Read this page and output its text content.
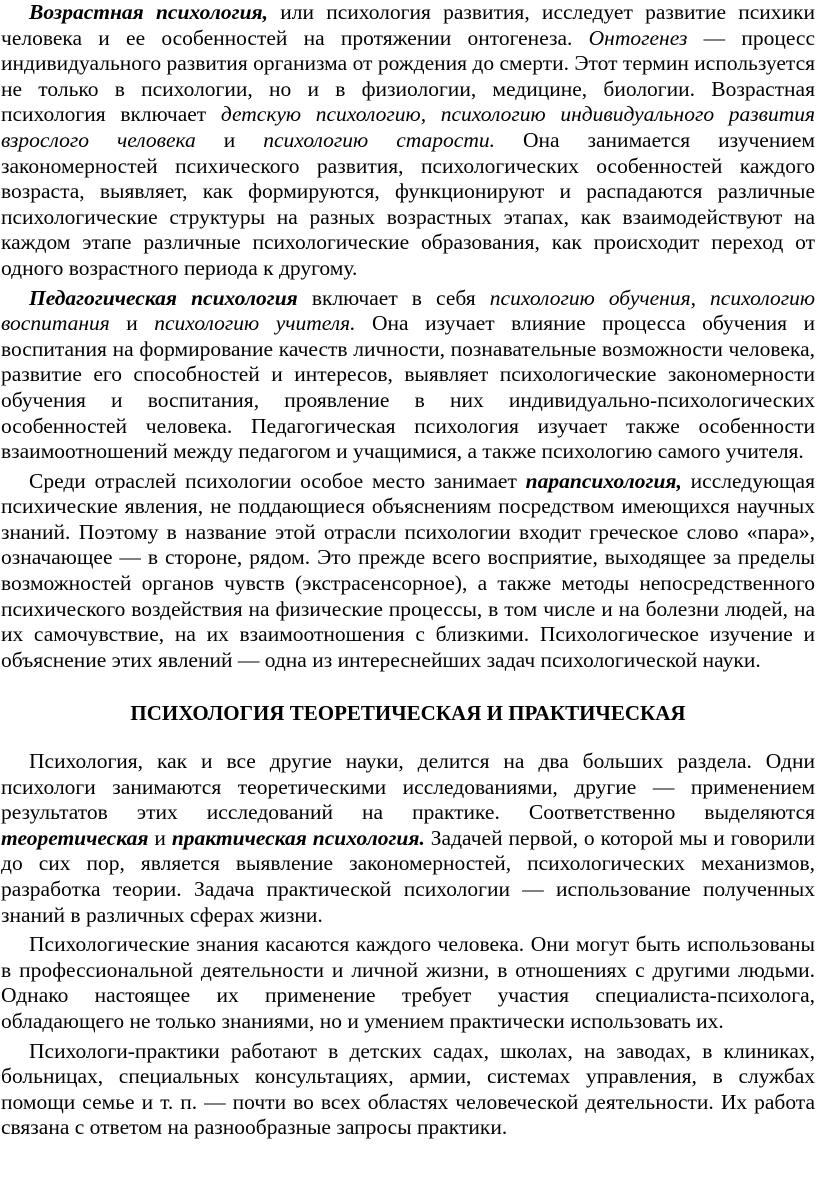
Возрастная психология, или психология развития, исследует развитие психики человека и ее особенностей на протяжении онтогенеза. Онтогенез — процесс индивидуального развития организма от рождения до смерти. Этот термин используется не только в психологии, но и в физиологии, медицине, биологии. Возрастная психология включает детскую психологию, психологию индивидуального развития взрослого человека и психологию старости. Она занимается изучением закономерностей психического развития, психологических особенностей каждого возраста, выявляет, как формируются, функционируют и распадаются различные психологические структуры на разных возрастных этапах, как взаимодействуют на каждом этапе различные психологические образования, как происходит переход от одного возрастного периода к другому.

Педагогическая психология включает в себя психологию обучения, психологию воспитания и психологию учителя. Она изучает влияние процесса обучения и воспитания на формирование качеств личности, познавательные возможности человека, развитие его способностей и интересов, выявляет психологические закономерности обучения и воспитания, проявление в них индивидуально-психологических особенностей человека. Педагогическая психология изучает также особенности взаимоотношений между педагогом и учащимися, а также психологию самого учителя.

Среди отраслей психологии особое место занимает парапсихология, исследующая психические явления, не поддающиеся объяснениям посредством имеющихся научных знаний. Поэтому в название этой отрасли психологии входит греческое слово «пара», означающее — в стороне, рядом. Это прежде всего восприятие, выходящее за пределы возможностей органов чувств (экстрасенсорное), а также методы непосредственного психического воздействия на физические процессы, в том числе и на болезни людей, на их самочувствие, на их взаимоотношения с близкими. Психологическое изучение и объяснение этих явлений — одна из интереснейших задач психологической науки.

ПСИХОЛОГИЯ ТЕОРЕТИЧЕСКАЯ И ПРАКТИЧЕСКАЯ

Психология, как и все другие науки, делится на два больших раздела. Одни психологи занимаются теоретическими исследованиями, другие — применением результатов этих исследований на практике. Соответственно выделяются теоретическая и практическая психология. Задачей первой, о которой мы и говорили до сих пор, является выявление закономерностей, психологических механизмов, разработка теории. Задача практической психологии — использование полученных знаний в различных сферах жизни.

Психологические знания касаются каждого человека. Они могут быть использованы в профессиональной деятельности и личной жизни, в отношениях с другими людьми. Однако настоящее их применение требует участия специалиста-психолога, обладающего не только знаниями, но и умением практически использовать их.

Психологи-практики работают в детских садах, школах, на заводах, в клиниках, больницах, специальных консультациях, армии, системах управления, в службах помощи семье и т. п. — почти во всех областях человеческой деятельности. Их работа связана с ответом на разнообразные запросы практики.
